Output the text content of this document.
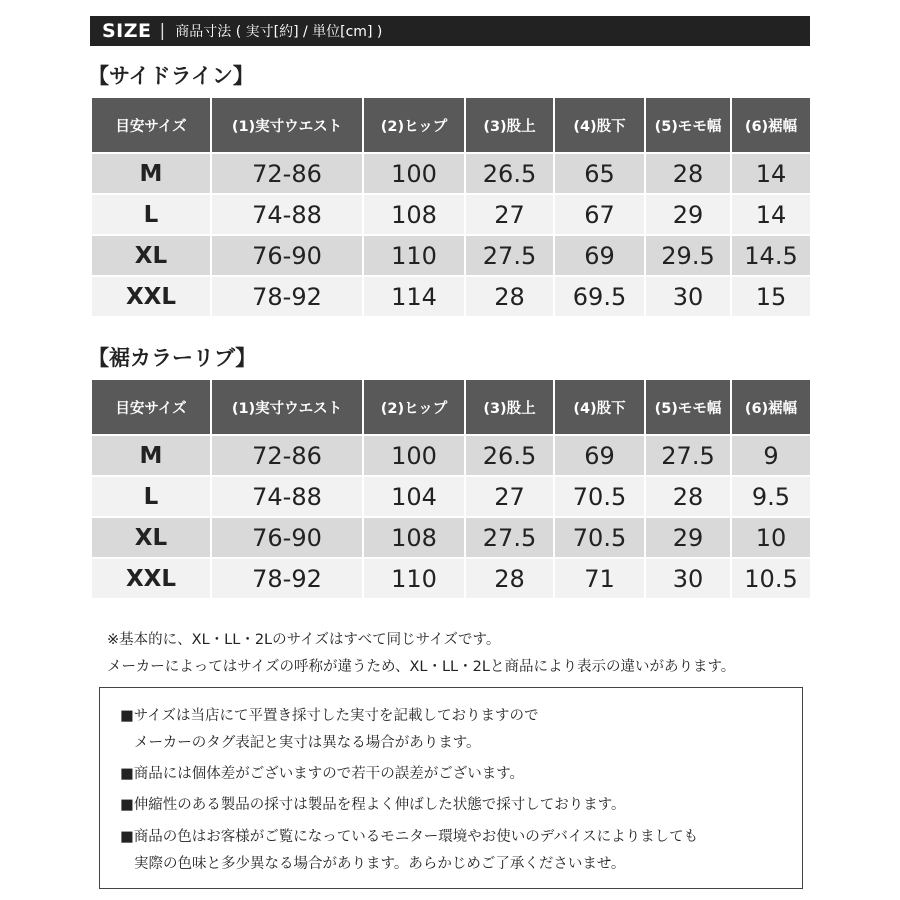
SIZE | 商品寸法 ( 実寸[約] / 単位[cm] )
【サイドライン】
目安サイズ	(1)実寸ウエスト	(2)ヒップ	(3)股上	(4)股下	(5)モモ幅	(6)裾幅
M	72-86	100	26.5	65	28	14
L	74-88	108	27	67	29	14
XL	76-90	110	27.5	69	29.5	14.5
XXL	78-92	114	28	69.5	30	15
【裾カラーリブ】
目安サイズ	(1)実寸ウエスト	(2)ヒップ	(3)股上	(4)股下	(5)モモ幅	(6)裾幅
M	72-86	100	26.5	69	27.5	9
L	74-88	104	27	70.5	28	9.5
XL	76-90	108	27.5	70.5	29	10
XXL	78-92	110	28	71	30	10.5
※基本的に、XL・LL・2Lのサイズはすべて同じサイズです。
メーカーによってはサイズの呼称が違うため、XL・LL・2Lと商品により表示の違いがあります。
■サイズは当店にて平置き採寸した実寸を記載しておりますので
メーカーのタグ表記と実寸は異なる場合があります。
■商品には個体差がございますので若干の誤差がございます。
■伸縮性のある製品の採寸は製品を程よく伸ばした状態で採寸しております。
■商品の色はお客様がご覧になっているモニター環境やお使いのデバイスによりましても
実際の色味と多少異なる場合があります。あらかじめご了承くださいませ。
